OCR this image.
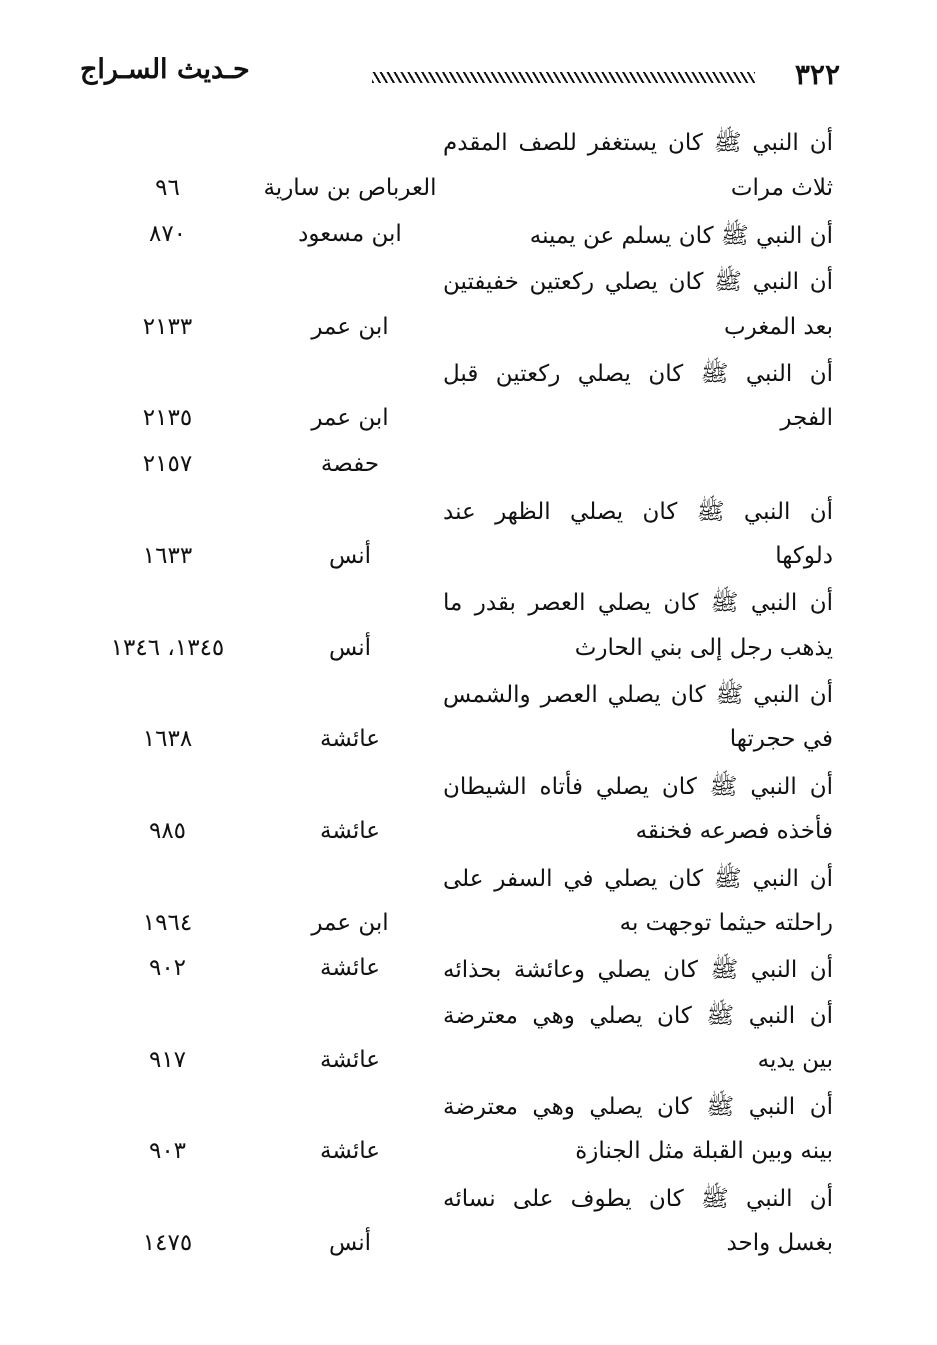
٣٢٢
حـديث السـراج
أن النبي ﷺ كان يستغفر للصف المقدم
ثلاث مرات
العرباص بن سارية
٩٦
أن النبي ﷺ كان يسلم عن يمينه
ابن مسعود
٨٧٠
أن النبي ﷺ كان يصلي ركعتين خفيفتين
بعد المغرب
ابن عمر
٢١٣٣
أن النبي ﷺ كان يصلي ركعتين قبل
الفجر
ابن عمر
٢١٣٥
حفصة
٢١٥٧
أن النبي ﷺ كان يصلي الظهر عند
دلوكها
أنس
١٦٣٣
أن النبي ﷺ كان يصلي العصر بقدر ما
يذهب رجل إلى بني الحارث
أنس
١٣٤٥، ١٣٤٦
أن النبي ﷺ كان يصلي العصر والشمس
في حجرتها
عائشة
١٦٣٨
أن النبي ﷺ كان يصلي فأتاه الشيطان
فأخذه فصرعه فخنقه
عائشة
٩٨٥
أن النبي ﷺ كان يصلي في السفر على
راحلته حيثما توجهت به
ابن عمر
١٩٦٤
أن النبي ﷺ كان يصلي وعائشة بحذائه
عائشة
٩٠٢
أن النبي ﷺ كان يصلي وهي معترضة
بين يديه
عائشة
٩١٧
أن النبي ﷺ كان يصلي وهي معترضة
بينه وبين القبلة مثل الجنازة
عائشة
٩٠٣
أن النبي ﷺ كان يطوف على نسائه
بغسل واحد
أنس
١٤٧٥
